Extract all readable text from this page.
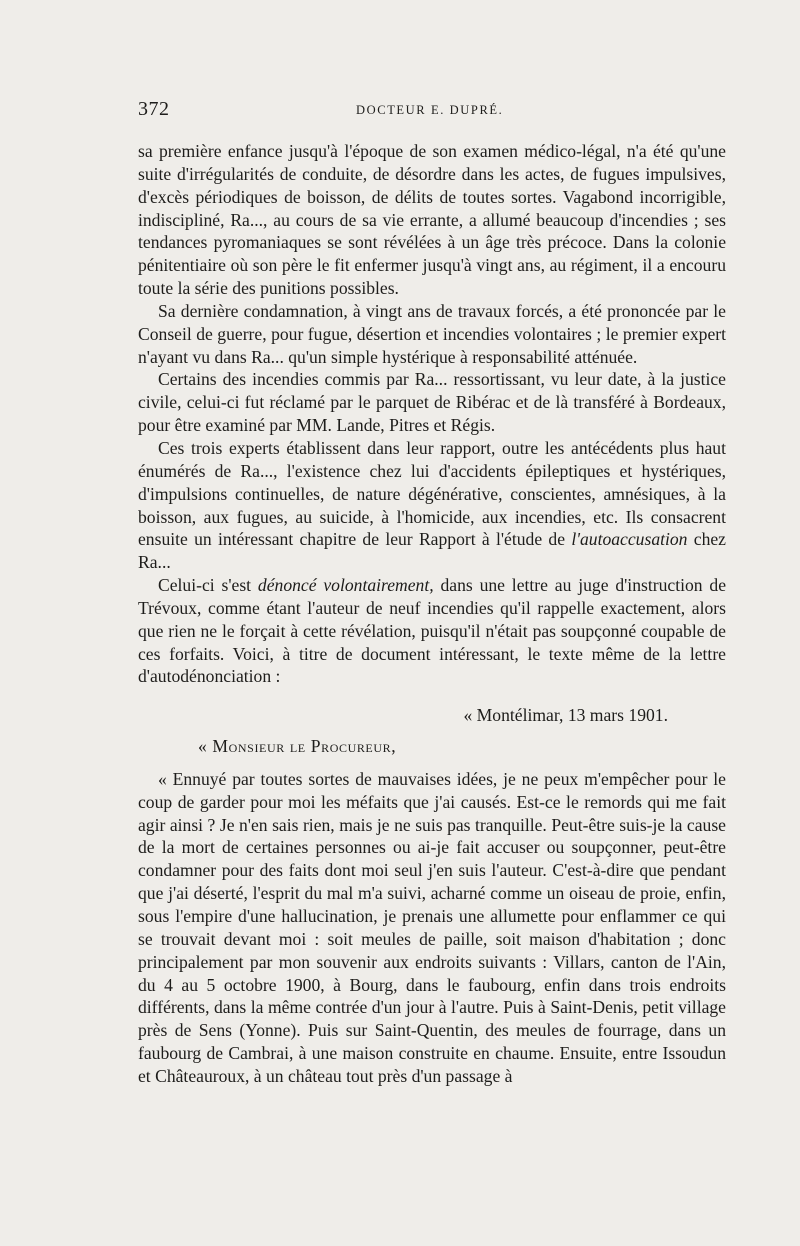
372	DOCTEUR E. DUPRÉ.

sa première enfance jusqu'à l'époque de son examen médico-légal, n'a été qu'une suite d'irrégularités de conduite, de désordre dans les actes, de fugues impulsives, d'excès périodiques de boisson, de délits de toutes sortes. Vagabond incorrigible, indiscipliné, Ra..., au cours de sa vie errante, a allumé beaucoup d'incendies ; ses tendances pyromaniaques se sont révélées à un âge très précoce. Dans la colonie pénitentiaire où son père le fit enfermer jusqu'à vingt ans, au régiment, il a encouru toute la série des punitions possibles.

Sa dernière condamnation, à vingt ans de travaux forcés, a été prononcée par le Conseil de guerre, pour fugue, désertion et incendies volontaires ; le premier expert n'ayant vu dans Ra... qu'un simple hystérique à responsabilité atténuée.

Certains des incendies commis par Ra... ressortissant, vu leur date, à la justice civile, celui-ci fut réclamé par le parquet de Ribérac et de là transféré à Bordeaux, pour être examiné par MM. Lande, Pitres et Régis.

Ces trois experts établissent dans leur rapport, outre les antécédents plus haut énumérés de Ra..., l'existence chez lui d'accidents épileptiques et hystériques, d'impulsions continuelles, de nature dégénérative, conscientes, amnésiques, à la boisson, aux fugues, au suicide, à l'homicide, aux incendies, etc. Ils consacrent ensuite un intéressant chapitre de leur Rapport à l'étude de l'autoaccusation chez Ra...

Celui-ci s'est dénoncé volontairement, dans une lettre au juge d'instruction de Trévoux, comme étant l'auteur de neuf incendies qu'il rappelle exactement, alors que rien ne le forçait à cette révélation, puisqu'il n'était pas soupçonné coupable de ces forfaits. Voici, à titre de document intéressant, le texte même de la lettre d'autodénonciation :

« Montélimar, 13 mars 1901.

« Monsieur le Procureur,

« Ennuyé par toutes sortes de mauvaises idées, je ne peux m'empêcher pour le coup de garder pour moi les méfaits que j'ai causés. Est-ce le remords qui me fait agir ainsi ? Je n'en sais rien, mais je ne suis pas tranquille. Peut-être suis-je la cause de la mort de certaines personnes ou ai-je fait accuser ou soupçonner, peut-être condamner pour des faits dont moi seul j'en suis l'auteur. C'est-à-dire que pendant que j'ai déserté, l'esprit du mal m'a suivi, acharné comme un oiseau de proie, enfin, sous l'empire d'une hallucination, je prenais une allumette pour enflammer ce qui se trouvait devant moi : soit meules de paille, soit maison d'habitation ; donc principalement par mon souvenir aux endroits suivants : Villars, canton de l'Ain, du 4 au 5 octobre 1900, à Bourg, dans le faubourg, enfin dans trois endroits différents, dans la même contrée d'un jour à l'autre. Puis à Saint-Denis, petit village près de Sens (Yonne). Puis sur Saint-Quentin, des meules de fourrage, dans un faubourg de Cambrai, à une maison construite en chaume. Ensuite, entre Issoudun et Châteauroux, à un château tout près d'un passage à
